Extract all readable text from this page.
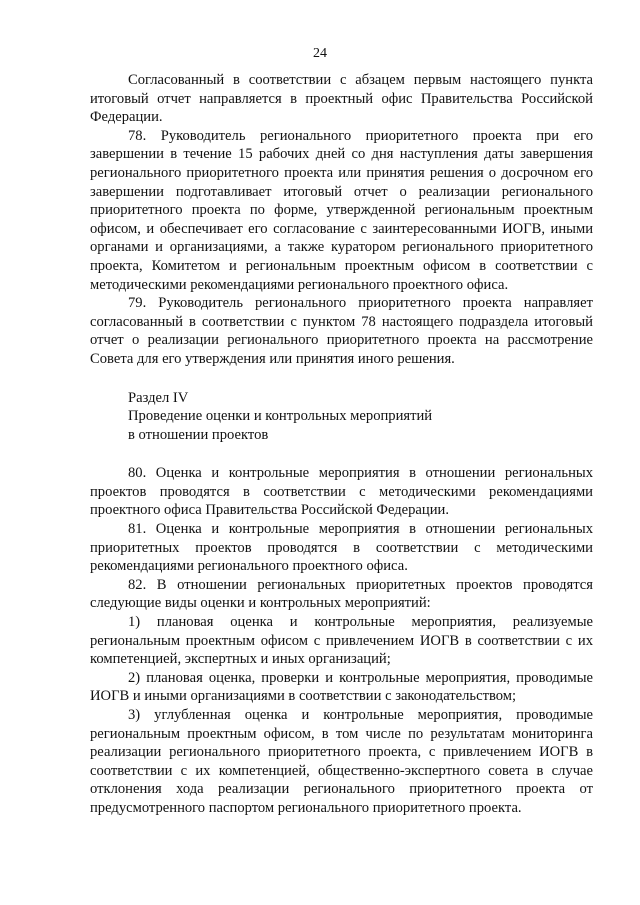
24

Согласованный в соответствии с абзацем первым настоящего пункта итоговый отчет направляется в проектный офис Правительства Российской Федерации.

78. Руководитель регионального приоритетного проекта при его завершении в течение 15 рабочих дней со дня наступления даты завершения регионального приоритетного проекта или принятия решения о досрочном его завершении подготавливает итоговый отчет о реализации регионального приоритетного проекта по форме, утвержденной региональным проектным офисом, и обеспечивает его согласование с заинтересованными ИОГВ, иными органами и организациями, а также куратором регионального приоритетного проекта, Комитетом и региональным проектным офисом в соответствии с методическими рекомендациями регионального проектного офиса.

79. Руководитель регионального приоритетного проекта направляет согласованный в соответствии с пунктом 78 настоящего подраздела итоговый отчет о реализации регионального приоритетного проекта на рассмотрение Совета для его утверждения или принятия иного решения.

Раздел IV

Проведение оценки и контрольных мероприятий

в отношении проектов

80. Оценка и контрольные мероприятия в отношении региональных проектов проводятся в соответствии с методическими рекомендациями проектного офиса Правительства Российской Федерации.

81. Оценка и контрольные мероприятия в отношении региональных приоритетных проектов проводятся в соответствии с методическими рекомендациями регионального проектного офиса.

82. В отношении региональных приоритетных проектов проводятся следующие виды оценки и контрольных мероприятий:

1) плановая оценка и контрольные мероприятия, реализуемые региональным проектным офисом с привлечением ИОГВ в соответствии с их компетенцией, экспертных и иных организаций;

2) плановая оценка, проверки и контрольные мероприятия, проводимые ИОГВ и иными организациями в соответствии с законодательством;

3) углубленная оценка и контрольные мероприятия, проводимые региональным проектным офисом, в том числе по результатам мониторинга реализации регионального приоритетного проекта, с привлечением ИОГВ в соответствии с их компетенцией, общественно-экспертного совета в случае отклонения хода реализации регионального приоритетного проекта от предусмотренного паспортом регионального приоритетного проекта.
